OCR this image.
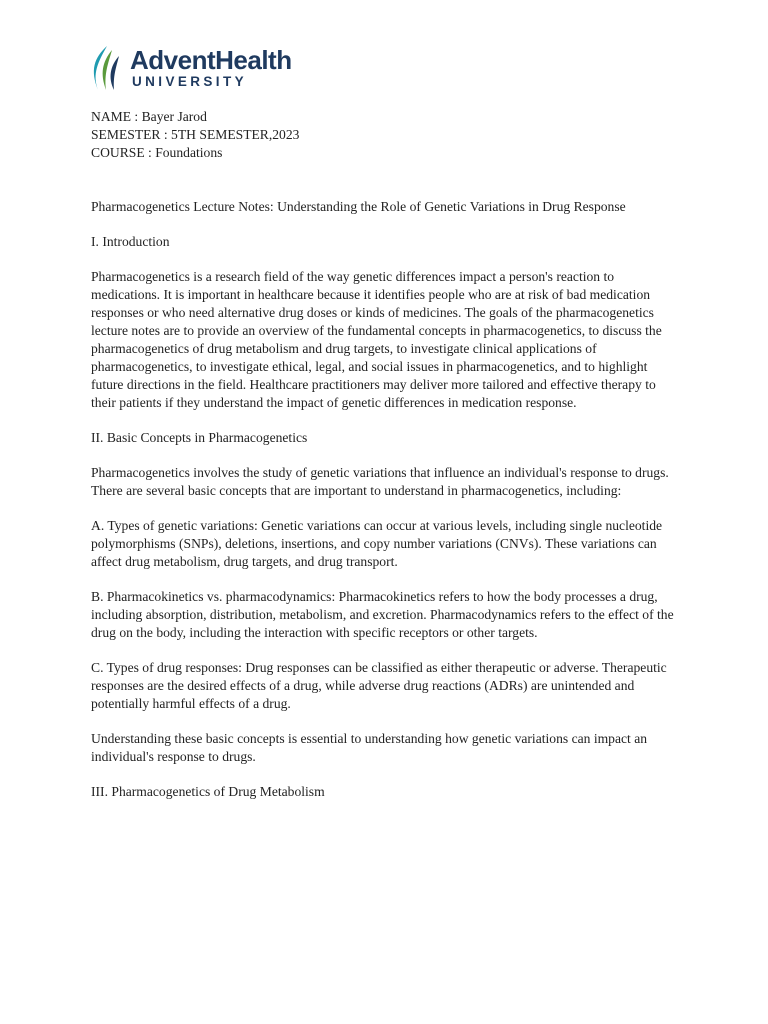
AdventHealth
UNIVERSITY

NAME : Bayer Jarod

SEMESTER : 5TH SEMESTER,2023

COURSE : Foundations

Pharmacogenetics Lecture Notes: Understanding the Role of Genetic Variations in Drug Response

I. Introduction

Pharmacogenetics is a research field of the way genetic differences impact a person's reaction to medications. It is important in healthcare because it identifies people who are at risk of bad medication responses or who need alternative drug doses or kinds of medicines. The goals of the pharmacogenetics lecture notes are to provide an overview of the fundamental concepts in pharmacogenetics, to discuss the pharmacogenetics of drug metabolism and drug targets, to investigate clinical applications of pharmacogenetics, to investigate ethical, legal, and social issues in pharmacogenetics, and to highlight future directions in the field. Healthcare practitioners may deliver more tailored and effective therapy to their patients if they understand the impact of genetic differences in medication response.

II. Basic Concepts in Pharmacogenetics

Pharmacogenetics involves the study of genetic variations that influence an individual's response to drugs. There are several basic concepts that are important to understand in pharmacogenetics, including:

A. Types of genetic variations: Genetic variations can occur at various levels, including single nucleotide polymorphisms (SNPs), deletions, insertions, and copy number variations (CNVs). These variations can affect drug metabolism, drug targets, and drug transport.

B. Pharmacokinetics vs. pharmacodynamics: Pharmacokinetics refers to how the body processes a drug, including absorption, distribution, metabolism, and excretion. Pharmacodynamics refers to the effect of the drug on the body, including the interaction with specific receptors or other targets.

C. Types of drug responses: Drug responses can be classified as either therapeutic or adverse. Therapeutic responses are the desired effects of a drug, while adverse drug reactions (ADRs) are unintended and potentially harmful effects of a drug.

Understanding these basic concepts is essential to understanding how genetic variations can impact an individual's response to drugs.

III. Pharmacogenetics of Drug Metabolism
